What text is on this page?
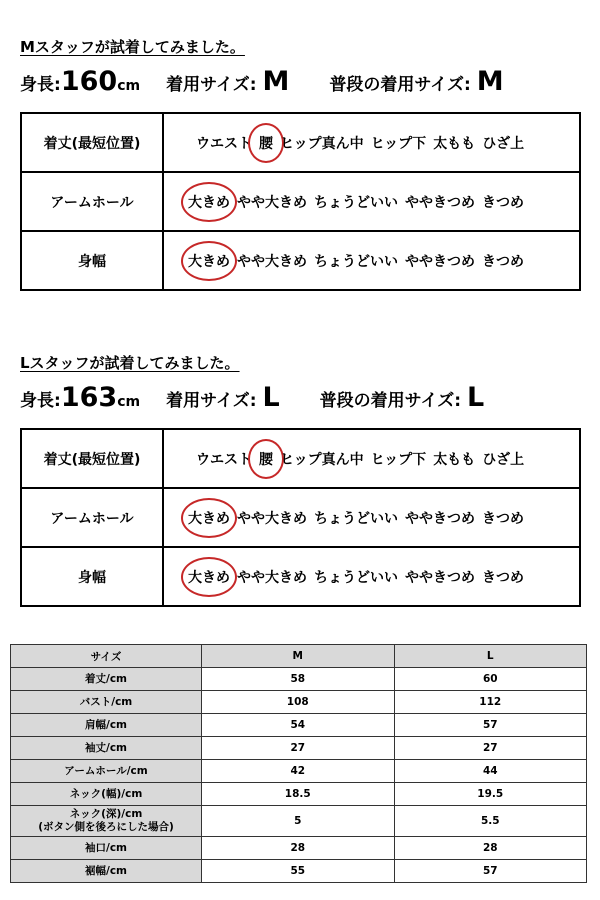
Mスタッフが試着してみました。
身長:160cm 着用サイズ: M 普段の着用サイズ: M
着丈(最短位置)	ウエスト 腰 ヒップ真ん中 ヒップ下 太もも ひざ上
アームホール	大きめ やや大きめ ちょうどいい ややきつめ きつめ
身幅	大きめ やや大きめ ちょうどいい ややきつめ きつめ
Lスタッフが試着してみました。
身長:163cm 着用サイズ: L 普段の着用サイズ: L
着丈(最短位置)	ウエスト 腰 ヒップ真ん中 ヒップ下 太もも ひざ上
アームホール	大きめ やや大きめ ちょうどいい ややきつめ きつめ
身幅	大きめ やや大きめ ちょうどいい ややきつめ きつめ
サイズ	M	L
着丈/cm	58	60
バスト/cm	108	112
肩幅/cm	54	57
袖丈/cm	27	27
アームホール/cm	42	44
ネック(幅)/cm	18.5	19.5
ネック(深)/cm
(ボタン側を後ろにした場合)	5	5.5
袖口/cm	28	28
裾幅/cm	55	57
